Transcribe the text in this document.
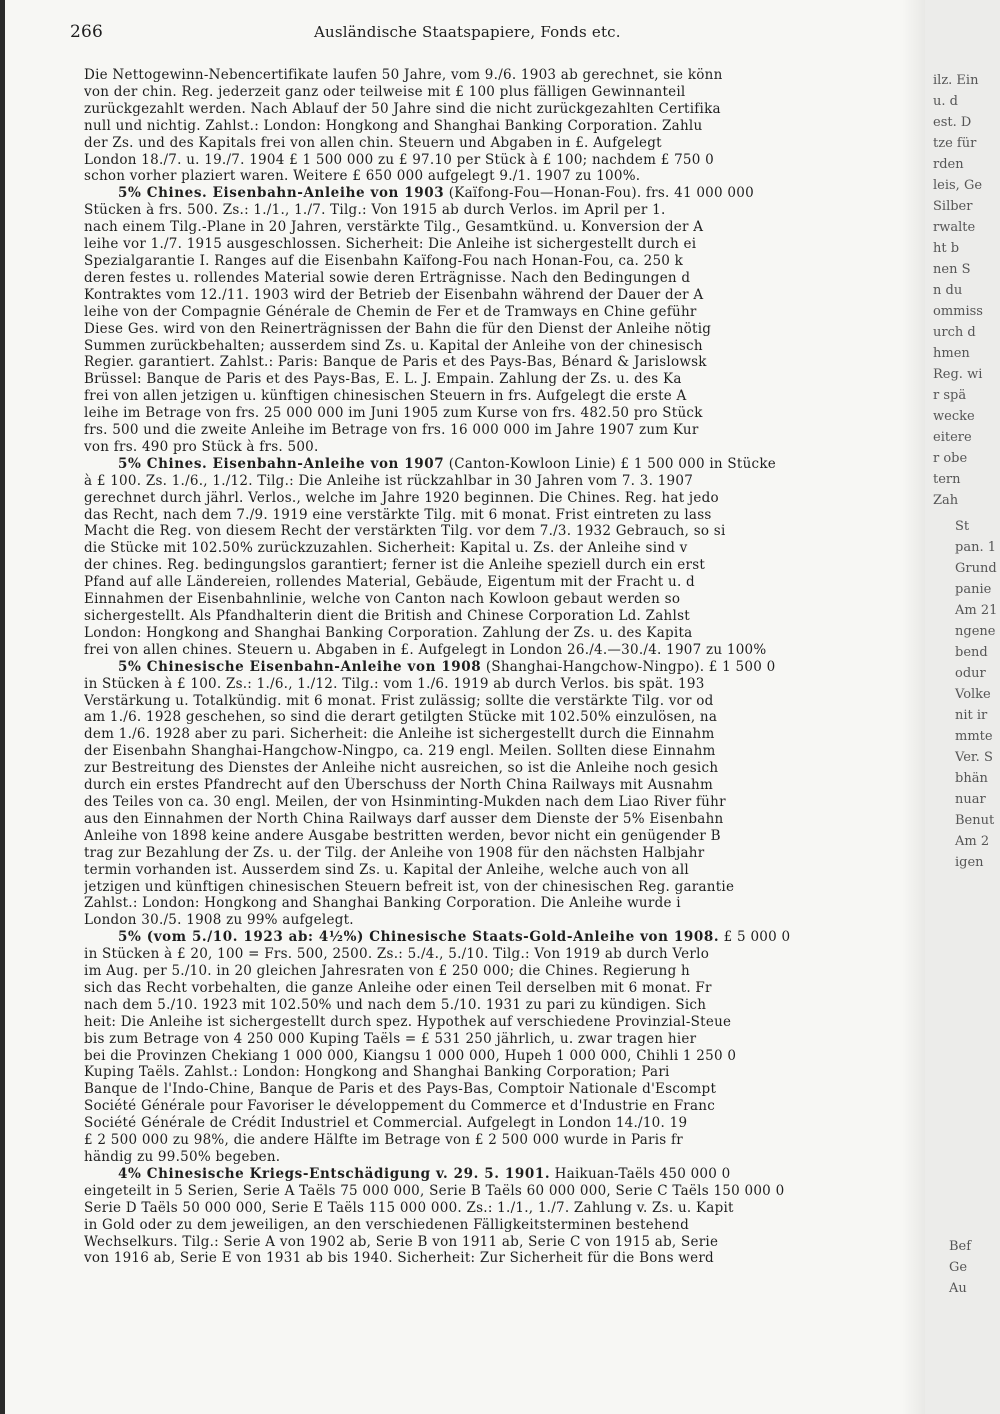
266	Ausländische Staatspapiere, Fonds etc.
Die Nettogewinn-Nebencertifikate laufen 50 Jahre, vom 9./6. 1903 ab gerechnet, sie könn
von der chin. Reg. jederzeit ganz oder teilweise mit £ 100 plus fälligen Gewinnanteil
zurückgezahlt werden. Nach Ablauf der 50 Jahre sind die nicht zurückgezahlten Certifika
null und nichtig. Zahlst.: London: Hongkong and Shanghai Banking Corporation. Zahlu
der Zs. und des Kapitals frei von allen chin. Steuern und Abgaben in £. Aufgelegt
London 18./7. u. 19./7. 1904 £ 1 500 000 zu £ 97.10 per Stück à £ 100; nachdem £ 750 0
schon vorher plaziert waren. Weitere £ 650 000 aufgelegt 9./1. 1907 zu 100%.
5% Chines. Eisenbahn-Anleihe von 1903 (Kaïfong-Fou—Honan-Fou). frs. 41 000 000
Stücken à frs. 500. Zs.: 1./1., 1./7. Tilg.: Von 1915 ab durch Verlos. im April per 1.
nach einem Tilg.-Plane in 20 Jahren, verstärkte Tilg., Gesamtkünd. u. Konversion der A
leihe vor 1./7. 1915 ausgeschlossen. Sicherheit: Die Anleihe ist sichergestellt durch ei
Spezialgarantie I. Ranges auf die Eisenbahn Kaïfong-Fou nach Honan-Fou, ca. 250 k
deren festes u. rollendes Material sowie deren Erträgnisse. Nach den Bedingungen d
Kontraktes vom 12./11. 1903 wird der Betrieb der Eisenbahn während der Dauer der A
leihe von der Compagnie Générale de Chemin de Fer et de Tramways en Chine geführ
Diese Ges. wird von den Reinerträgnissen der Bahn die für den Dienst der Anleihe nötig
Summen zurückbehalten; ausserdem sind Zs. u. Kapital der Anleihe von der chinesisch
Regier. garantiert. Zahlst.: Paris: Banque de Paris et des Pays-Bas, Bénard & Jarislowsk
Brüssel: Banque de Paris et des Pays-Bas, E. L. J. Empain. Zahlung der Zs. u. des Ka
frei von allen jetzigen u. künftigen chinesischen Steuern in frs. Aufgelegt die erste A
leihe im Betrage von frs. 25 000 000 im Juni 1905 zum Kurse von frs. 482.50 pro Stück
frs. 500 und die zweite Anleihe im Betrage von frs. 16 000 000 im Jahre 1907 zum Kur
von frs. 490 pro Stück à frs. 500.
5% Chines. Eisenbahn-Anleihe von 1907 (Canton-Kowloon Linie) £ 1 500 000 in Stücke
à £ 100. Zs. 1./6., 1./12. Tilg.: Die Anleihe ist rückzahlbar in 30 Jahren vom 7. 3. 1907
gerechnet durch jährl. Verlos., welche im Jahre 1920 beginnen. Die Chines. Reg. hat jedo
das Recht, nach dem 7./9. 1919 eine verstärkte Tilg. mit 6 monat. Frist eintreten zu lass
Macht die Reg. von diesem Recht der verstärkten Tilg. vor dem 7./3. 1932 Gebrauch, so si
die Stücke mit 102.50% zurückzuzahlen. Sicherheit: Kapital u. Zs. der Anleihe sind v
der chines. Reg. bedingungslos garantiert; ferner ist die Anleihe speziell durch ein erst
Pfand auf alle Ländereien, rollendes Material, Gebäude, Eigentum mit der Fracht u. d
Einnahmen der Eisenbahnlinie, welche von Canton nach Kowloon gebaut werden so
sichergestellt. Als Pfandhalterin dient die British and Chinese Corporation Ld. Zahlst
London: Hongkong and Shanghai Banking Corporation. Zahlung der Zs. u. des Kapita
frei von allen chines. Steuern u. Abgaben in £. Aufgelegt in London 26./4.—30./4. 1907 zu 100%
5% Chinesische Eisenbahn-Anleihe von 1908 (Shanghai-Hangchow-Ningpo). £ 1 500 0
in Stücken à £ 100. Zs.: 1./6., 1./12. Tilg.: vom 1./6. 1919 ab durch Verlos. bis spät. 193
Verstärkung u. Totalkündig. mit 6 monat. Frist zulässig; sollte die verstärkte Tilg. vor od
am 1./6. 1928 geschehen, so sind die derart getilgten Stücke mit 102.50% einzulösen, na
dem 1./6. 1928 aber zu pari. Sicherheit: die Anleihe ist sichergestellt durch die Einnahm
der Eisenbahn Shanghai-Hangchow-Ningpo, ca. 219 engl. Meilen. Sollten diese Einnahm
zur Bestreitung des Dienstes der Anleihe nicht ausreichen, so ist die Anleihe noch gesich
durch ein erstes Pfandrecht auf den Überschuss der North China Railways mit Ausnahm
des Teiles von ca. 30 engl. Meilen, der von Hsinminting-Mukden nach dem Liao River führ
aus den Einnahmen der North China Railways darf ausser dem Dienste der 5% Eisenbahn
Anleihe von 1898 keine andere Ausgabe bestritten werden, bevor nicht ein genügender B
trag zur Bezahlung der Zs. u. der Tilg. der Anleihe von 1908 für den nächsten Halbjahr
termin vorhanden ist. Ausserdem sind Zs. u. Kapital der Anleihe, welche auch von all
jetzigen und künftigen chinesischen Steuern befreit ist, von der chinesischen Reg. garantie
Zahlst.: London: Hongkong and Shanghai Banking Corporation. Die Anleihe wurde i
London 30./5. 1908 zu 99% aufgelegt.
5% (vom 5./10. 1923 ab: 4½%) Chinesische Staats-Gold-Anleihe von 1908. £ 5 000 0
in Stücken à £ 20, 100 = Frs. 500, 2500. Zs.: 5./4., 5./10. Tilg.: Von 1919 ab durch Verlo
im Aug. per 5./10. in 20 gleichen Jahresraten von £ 250 000; die Chines. Regierung h
sich das Recht vorbehalten, die ganze Anleihe oder einen Teil derselben mit 6 monat. Fr
nach dem 5./10. 1923 mit 102.50% und nach dem 5./10. 1931 zu pari zu kündigen. Sich
heit: Die Anleihe ist sichergestellt durch spez. Hypothek auf verschiedene Provinzial-Steue
bis zum Betrage von 4 250 000 Kuping Taëls = £ 531 250 jährlich, u. zwar tragen hier
bei die Provinzen Chekiang 1 000 000, Kiangsu 1 000 000, Hupeh 1 000 000, Chihli 1 250 0
Kuping Taëls. Zahlst.: London: Hongkong and Shanghai Banking Corporation; Pari
Banque de l'Indo-Chine, Banque de Paris et des Pays-Bas, Comptoir Nationale d'Escompt
Société Générale pour Favoriser le développement du Commerce et d'Industrie en Franc
Société Générale de Crédit Industriel et Commercial. Aufgelegt in London 14./10. 19
£ 2 500 000 zu 98%, die andere Hälfte im Betrage von £ 2 500 000 wurde in Paris fr
händig zu 99.50% begeben.
4% Chinesische Kriegs-Entschädigung v. 29. 5. 1901. Haikuan-Taëls 450 000 0
eingeteilt in 5 Serien, Serie A Taëls 75 000 000, Serie B Taëls 60 000 000, Serie C Taëls 150 000 0
Serie D Taëls 50 000 000, Serie E Taëls 115 000 000. Zs.: 1./1., 1./7. Zahlung v. Zs. u. Kapit
in Gold oder zu dem jeweiligen, an den verschiedenen Fälligkeitsterminen bestehend
Wechselkurs. Tilg.: Serie A von 1902 ab, Serie B von 1911 ab, Serie C von 1915 ab, Serie
von 1916 ab, Serie E von 1931 ab bis 1940. Sicherheit: Zur Sicherheit für die Bons werd
ilz. Ein
u. d
est. D
tze für
rden
leis, Ge
Silber
rwalte
ht b
nen S
n du
ommiss
urch d
hmen
Reg. wi
r spä
wecke
eitere
r obe
tern
Zah
St
pan. 1
Grund
panie
Am 21
ngene
bend
odur
Volke
nit ir
mmte
Ver. S
bhän
nuar
Benut
Am 2
igen
Bef
Ge
Au
